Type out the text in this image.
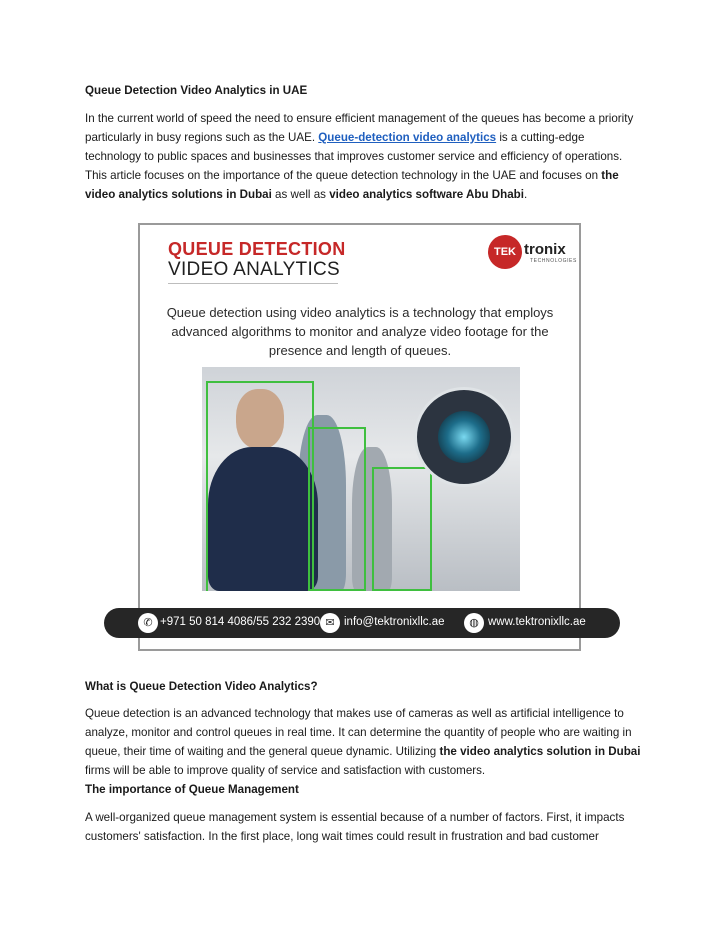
Queue Detection Video Analytics in UAE

In the current world of speed the need to ensure efficient management of the queues has become a priority particularly in busy regions such as the UAE. Queue-detection video analytics is a cutting-edge technology to public spaces and businesses that improves customer service and efficiency of operations. This article focuses on the importance of the queue detection technology in the UAE and focuses on the video analytics solutions in Dubai as well as video analytics software Abu Dhabi.

What is Queue Detection Video Analytics?

Queue detection is an advanced technology that makes use of cameras as well as artificial intelligence to analyze, monitor and control queues in real time. It can determine the quantity of people who are waiting in queue, their time of waiting and the general queue dynamic. Utilizing the video analytics solution in Dubai firms will be able to improve quality of service and satisfaction with customers.

The importance of Queue Management

A well-organized queue management system is essential because of a number of factors. First, it impacts customers' satisfaction. In the first place, long wait times could result in frustration and bad customer

QUEUE DETECTION
VIDEO ANALYTICS
TEK tronix
TECHNOLOGIES
Queue detection using video analytics is a technology that employs advanced algorithms to monitor and analyze video footage for the presence and length of queues.
✆ +971 50 814 4086/55 232 2390 ✉ info@tektronixllc.ae	◍ www.tektronixllc.ae
